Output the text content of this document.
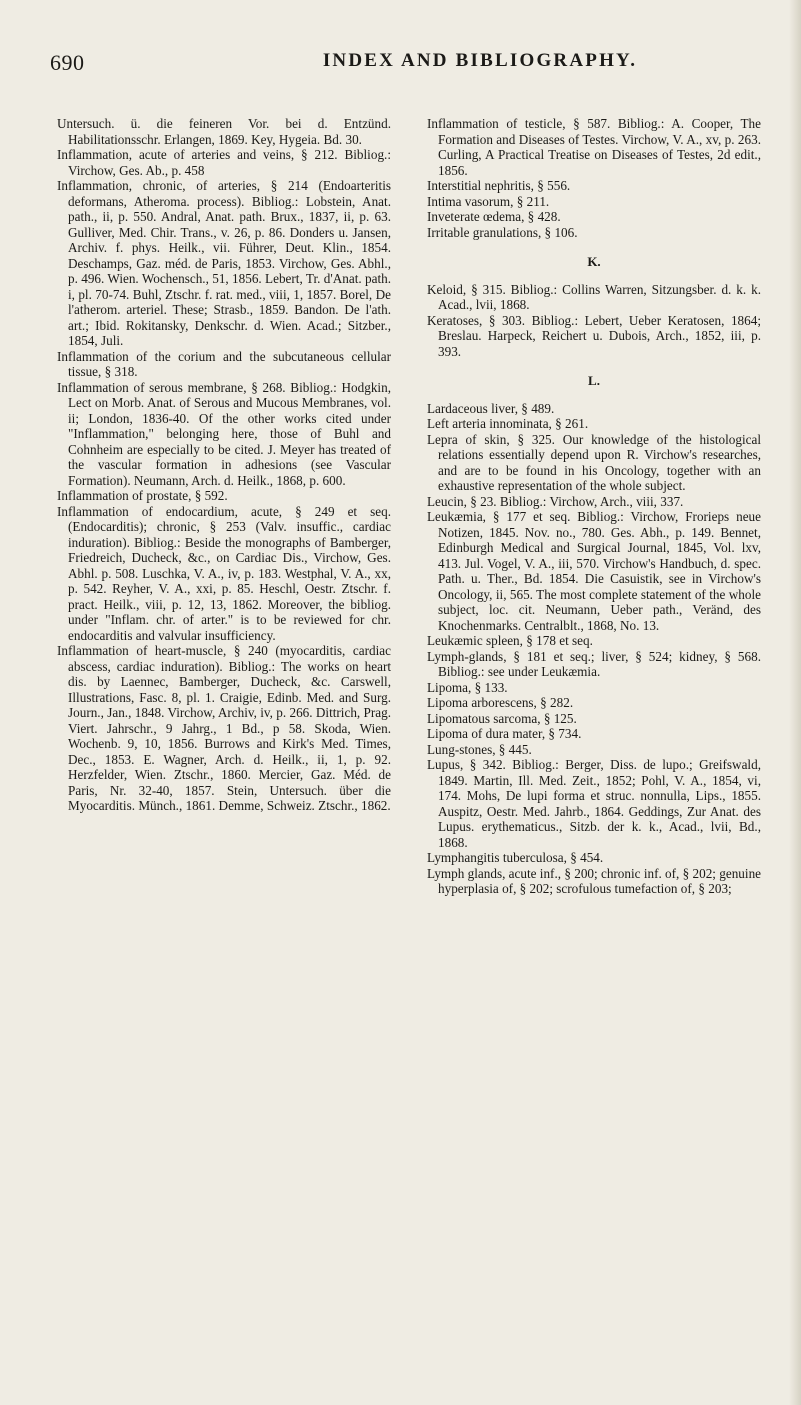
690	INDEX AND BIBLIOGRAPHY.

Untersuch. ü. die feineren Vor. bei d. Entzünd. Habilitationsschr. Erlangen, 1869. Key, Hygeia. Bd. 30.

Inflammation, acute of arteries and veins, § 212. Bibliog.: Virchow, Ges. Ab., p. 458

Inflammation, chronic, of arteries, § 214 (Endoarteritis deformans, Atheroma. process). Bibliog.: Lobstein, Anat. path., ii, p. 550. Andral, Anat. path. Brux., 1837, ii, p. 63. Gulliver, Med. Chir. Trans., v. 26, p. 86. Donders u. Jansen, Archiv. f. phys. Heilk., vii. Führer, Deut. Klin., 1854. Deschamps, Gaz. méd. de Paris, 1853. Virchow, Ges. Abhl., p. 496. Wien. Wochensch., 51, 1856. Lebert, Tr. d'Anat. path. i, pl. 70-74. Buhl, Ztschr. f. rat. med., viii, 1, 1857. Borel, De l'atherom. arteriel. These; Strasb., 1859. Bandon. De l'ath. art.; Ibid. Rokitansky, Denkschr. d. Wien. Acad.; Sitzber., 1854, Juli.

Inflammation of the corium and the subcutaneous cellular tissue, § 318.

Inflammation of serous membrane, § 268. Bibliog.: Hodgkin, Lect on Morb. Anat. of Serous and Mucous Membranes, vol. ii; London, 1836-40. Of the other works cited under "Inflammation," belonging here, those of Buhl and Cohnheim are especially to be cited. J. Meyer has treated of the vascular formation in adhesions (see Vascular Formation). Neumann, Arch. d. Heilk., 1868, p. 600.

Inflammation of prostate, § 592.

Inflammation of endocardium, acute, § 249 et seq. (Endocarditis); chronic, § 253 (Valv. insuffic., cardiac induration). Bibliog.: Beside the monographs of Bamberger, Friedreich, Ducheck, &c., on Cardiac Dis., Virchow, Ges. Abhl. p. 508. Luschka, V. A., iv, p. 183. Westphal, V. A., xx, p. 542. Reyher, V. A., xxi, p. 85. Heschl, Oestr. Ztschr. f. pract. Heilk., viii, p. 12, 13, 1862. Moreover, the bibliog. under "Inflam. chr. of arter." is to be reviewed for chr. endocarditis and valvular insufficiency.

Inflammation of heart-muscle, § 240 (myocarditis, cardiac abscess, cardiac induration). Bibliog.: The works on heart dis. by Laennec, Bamberger, Ducheck, &c. Carswell, Illustrations, Fasc. 8, pl. 1. Craigie, Edinb. Med. and Surg. Journ., Jan., 1848. Virchow, Archiv, iv, p. 266. Dittrich, Prag. Viert. Jahrschr., 9 Jahrg., 1 Bd., p 58. Skoda, Wien. Wochenb. 9, 10, 1856. Burrows and Kirk's Med. Times, Dec., 1853. E. Wagner, Arch. d. Heilk., ii, 1, p. 92. Herzfelder, Wien. Ztschr., 1860. Mercier, Gaz. Méd. de Paris, Nr. 32-40, 1857. Stein, Untersuch. über die Myocarditis. Münch., 1861. Demme, Schweiz. Ztschr., 1862.

Inflammation of testicle, § 587. Bibliog.: A. Cooper, The Formation and Diseases of Testes. Virchow, V. A., xv, p. 263. Curling, A Practical Treatise on Diseases of Testes, 2d edit., 1856.

Interstitial nephritis, § 556.

Intima vasorum, § 211.

Inveterate œdema, § 428.

Irritable granulations, § 106.

K.

Keloid, § 315. Bibliog.: Collins Warren, Sitzungsber. d. k. k. Acad., lvii, 1868.

Keratoses, § 303. Bibliog.: Lebert, Ueber Keratosen, 1864; Breslau. Harpeck, Reichert u. Dubois, Arch., 1852, iii, p. 393.

L.

Lardaceous liver, § 489.

Left arteria innominata, § 261.

Lepra of skin, § 325. Our knowledge of the histological relations essentially depend upon R. Virchow's researches, and are to be found in his Oncology, together with an exhaustive representation of the whole subject.

Leucin, § 23. Bibliog.: Virchow, Arch., viii, 337.

Leukæmia, § 177 et seq. Bibliog.: Virchow, Froriеps neue Notizen, 1845. Nov. no., 780. Ges. Abh., p. 149. Bennet, Edinburgh Medical and Surgical Journal, 1845, Vol. lxv, 413. Jul. Vogel, V. A., iii, 570. Virchow's Handbuch, d. spec. Path. u. Ther., Bd. 1854. Die Casuistik, see in Virchow's Oncology, ii, 565. The most complete statement of the whole subject, loc. cit. Neumann, Ueber path., Veränd, des Knochenmarks. Centralblt., 1868, No. 13.

Leukæmic spleen, § 178 et seq.

Lymph-glands, § 181 et seq.; liver, § 524; kidney, § 568. Bibliog.: see under Leukæmia.

Lipoma, § 133.

Lipoma arborescens, § 282.

Lipomatous sarcoma, § 125.

Lipoma of dura mater, § 734.

Lung-stones, § 445.

Lupus, § 342. Bibliog.: Berger, Diss. de lupo.; Greifswald, 1849. Martin, Ill. Med. Zeit., 1852; Pohl, V. A., 1854, vi, 174. Mohs, De lupi forma et struc. nonnulla, Lips., 1855. Auspitz, Oestr. Med. Jahrb., 1864. Geddings, Zur Anat. des Lupus. erythematicus., Sitzb. der k. k., Acad., lvii, Bd., 1868.

Lymphangitis tuberculosa, § 454.

Lymph glands, acute inf., § 200; chronic inf. of, § 202; genuine hyperplasia of, § 202; scrofulous tumefaction of, § 203;
